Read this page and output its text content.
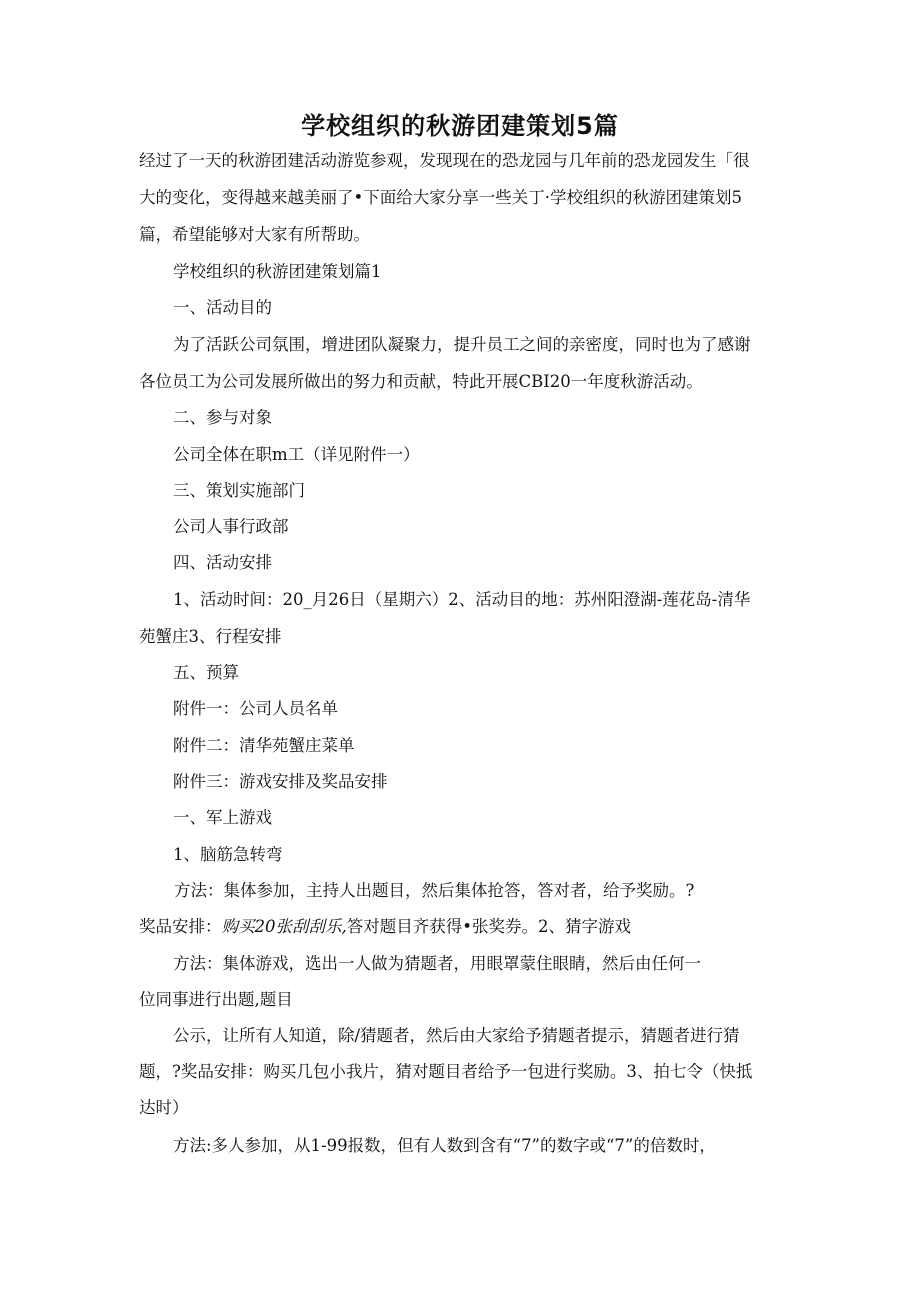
学校组织的秋游团建策划5篇

经过了一天的秋游团建活动游览参观，发现现在的恐龙园与几年前的恐龙园发生「很

大的变化，变得越来越美丽了•下面给大家分享一些关丁·学校组织的秋游团建策划5

篇，希望能够对大家有所帮助。

学校组织的秋游团建策划篇1

一、活动目的

为了活跃公司氛围，增进团队凝聚力，提升员工之间的亲密度，同时也为了感谢

各位员工为公司发展所做出的努力和贡献，特此开展CBI20一年度秋游活动。

二、参与对象

公司全体在职m工（详见附件一）

三、策划实施部门

公司人事行政部

四、活动安排

1、活动时间：20_月26日（星期六）2、活动目的地：苏州阳澄湖-莲花岛-清华

苑蟹庄3、行程安排

五、预算

附件一：公司人员名单

附件二：清华苑蟹庄菜单

附件三：游戏安排及奖品安排

一、军上游戏

1、脑筋急转弯

方法：集体参加，主持人出题目，然后集体抢答，答对者，给予奖励。?

奖品安排：购买20张刮刮乐,答对题目齐获得•张奖券。2、猜字游戏

方法：集体游戏，选出一人做为猜题者，用眼罩蒙住眼睛，然后由任何一

位同事进行出题,题目

公示，让所有人知道，除/猜题者，然后由大家给予猜题者提示，猜题者进行猜

题，?奖品安排：购买几包小我片，猜对题目者给予一包进行奖励。3、拍七令（快抵

达时）

方法:多人参加，从1-99报数，但有人数到含有“7”的数字或“7”的倍数时，
